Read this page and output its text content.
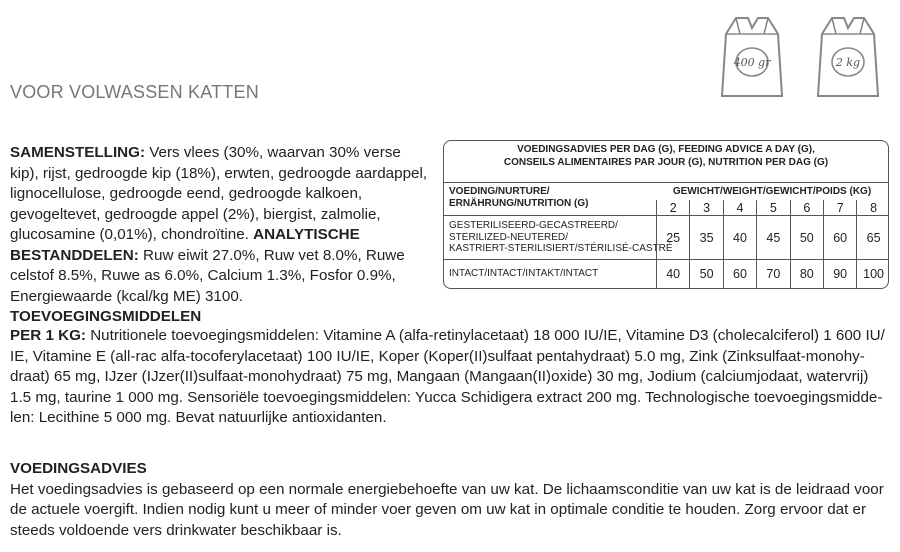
VOOR VOLWASSEN KATTEN
400 gr	2 kg
SAMENSTELLING: Vers vlees (30%, waarvan 30% verse kip), rijst, gedroogde kip (18%), erwten, gedroogde aardappel, lignocellulose, gedroogde eend, gedroogde kalkoen, gevogeltevet, gedroogde appel (2%), biergist, zalmolie, glucosamine (0,01%), chondroïtine. ANALYTISCHE BESTANDDELEN: Ruw eiwit 27.0%, Ruw vet 8.0%, Ruwe celstof 8.5%, Ruwe as 6.0%, Calcium 1.3%, Fosfor 0.9%, Energiewaarde (kcal/kg ME) 3100. TOEVOEGINGSMIDDELEN
PER 1 KG: Nutritionele toevoegingsmiddelen: Vitamine A (alfa-retinylacetaat) 18 000 IU/IE, Vitamine D3 (cholecalciferol) 1 600 IU/ IE, Vitamine E (all-rac alfa-tocoferylacetaat) 100 IU/IE, Koper (Koper(II)sulfaat pentahydraat) 5.0 mg, Zink (Zinksulfaat-monohy-draat) 65 mg, IJzer (IJzer(II)sulfaat-monohydraat) 75 mg, Mangaan (Mangaan(II)oxide) 30 mg, Jodium (calciumjodaat, watervrij) 1.5 mg, taurine 1 000 mg. Sensoriële toevoegingsmiddelen: Yucca Schidigera extract 200 mg. Technologische toevoegingsmidde-len: Lecithine 5 000 mg. Bevat natuurlijke antioxidanten.
VOEDINGSADVIES
Het voedingsadvies is gebaseerd op een normale energiebehoefte van uw kat. De lichaamsconditie van uw kat is de leidraad voor de actuele voergift. Indien nodig kunt u meer of minder voer geven om uw kat in optimale conditie te houden. Zorg ervoor dat er steeds voldoende vers drinkwater beschikbaar is.
VOEDINGSADVIES PER DAG (G), FEEDING ADVICE A DAY (G),
CONSEILS ALIMENTAIRES PAR JOUR (G), NUTRITION PER DAG (G)
VOEDING/NURTURE/
ERNÄHRUNG/NUTRITION (G)
GEWICHT/WEIGHT/GEWICHT/POIDS (KG)
2	3	4	5	6	7	8
GESTERILISEERD-GECASTREERD/
STERILIZED-NEUTERED/
KASTRIERT-STERILISIERT/STÉRILISÉ-CASTRÉ
25	35	40	45	50	60	65
INTACT/INTACT/INTAKT/INTACT	40	50	60	70	80	90	100
